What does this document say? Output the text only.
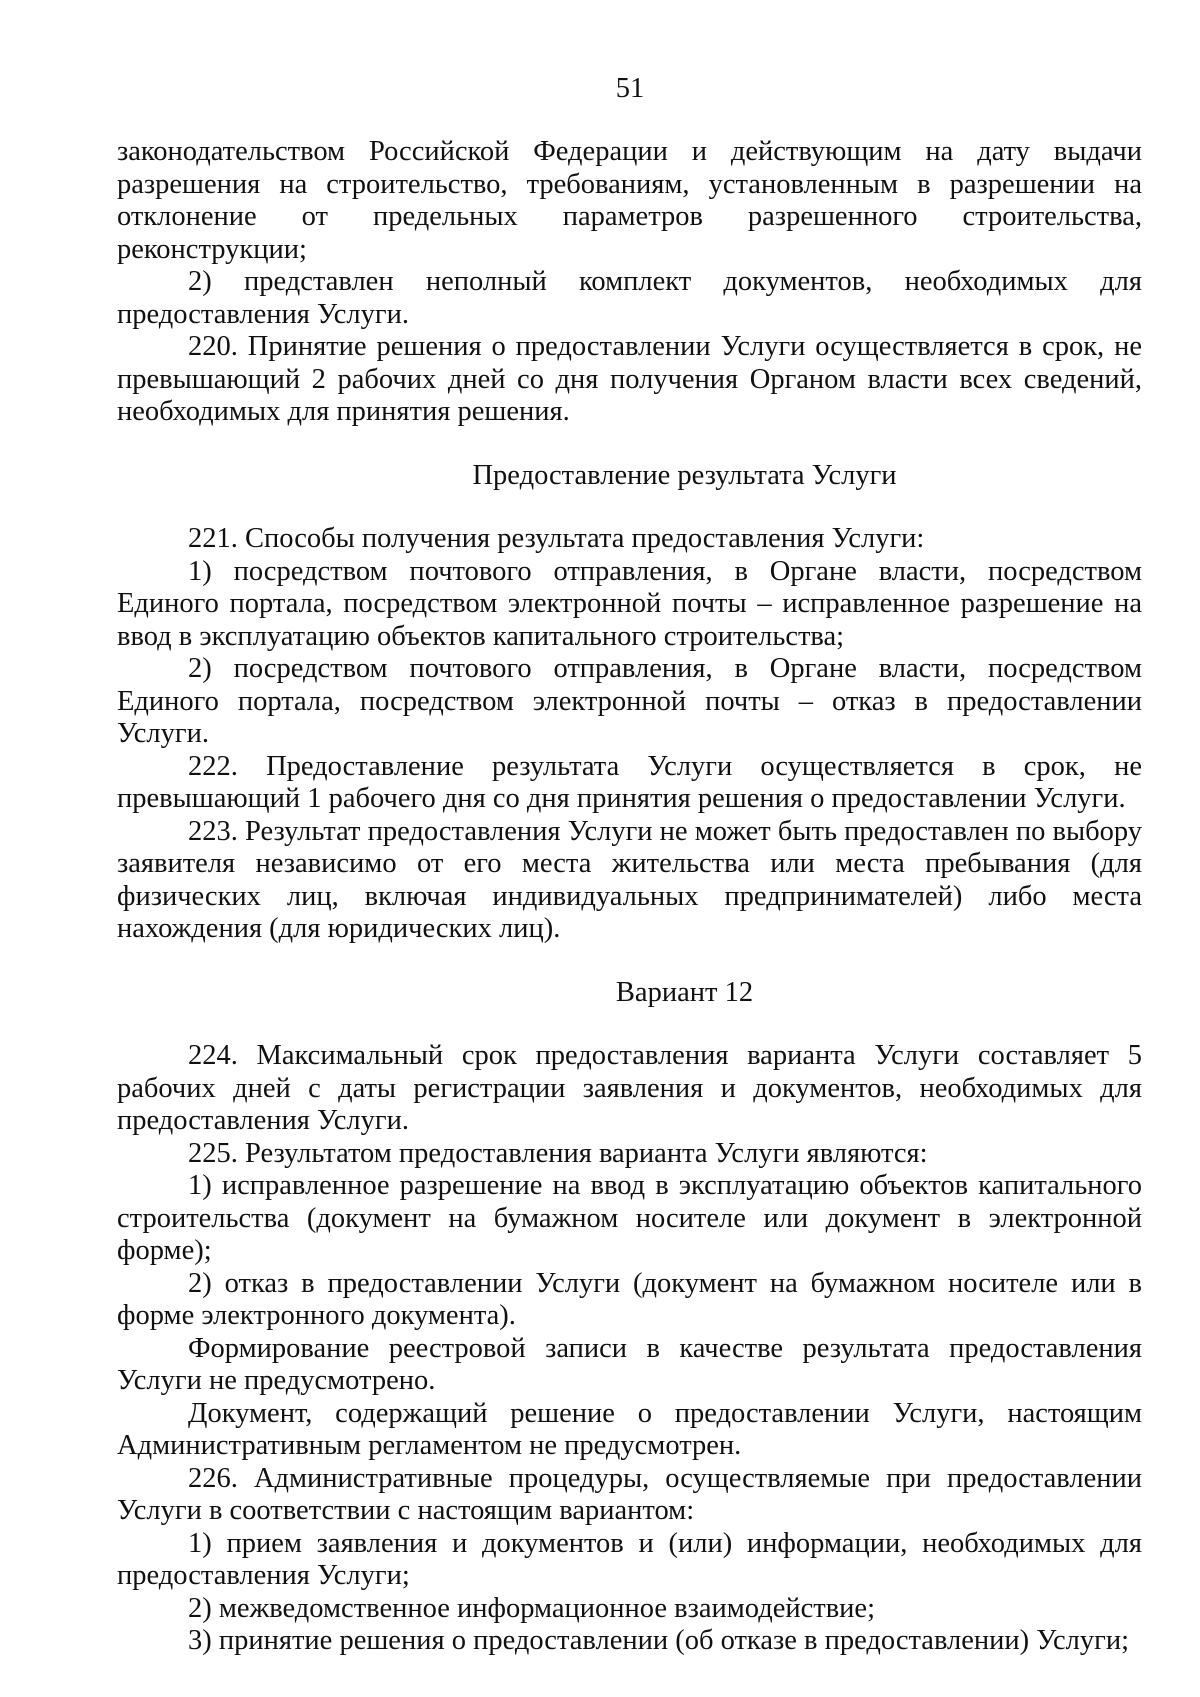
51

законодательством Российской Федерации и действующим на дату выдачи разрешения на строительство, требованиям, установленным в разрешении на отклонение от предельных параметров разрешенного строительства, реконструкции;

2) представлен неполный комплект документов, необходимых для предоставления Услуги.

220. Принятие решения о предоставлении Услуги осуществляется в срок, не превышающий 2 рабочих дней со дня получения Органом власти всех сведений, необходимых для принятия решения.

Предоставление результата Услуги

221. Способы получения результата предоставления Услуги:

1) посредством почтового отправления, в Органе власти, посредством Единого портала, посредством электронной почты – исправленное разрешение на ввод в эксплуатацию объектов капитального строительства;

2) посредством почтового отправления, в Органе власти, посредством Единого портала, посредством электронной почты – отказ в предоставлении Услуги.

222. Предоставление результата Услуги осуществляется в срок, не превышающий 1 рабочего дня со дня принятия решения о предоставлении Услуги.

223. Результат предоставления Услуги не может быть предоставлен по выбору заявителя независимо от его места жительства или места пребывания (для физических лиц, включая индивидуальных предпринимателей) либо места нахождения (для юридических лиц).

Вариант 12

224. Максимальный срок предоставления варианта Услуги составляет 5 рабочих дней с даты регистрации заявления и документов, необходимых для предоставления Услуги.

225. Результатом предоставления варианта Услуги являются:

1) исправленное разрешение на ввод в эксплуатацию объектов капитального строительства (документ на бумажном носителе или документ в электронной форме);

2) отказ в предоставлении Услуги (документ на бумажном носителе или в форме электронного документа).

Формирование реестровой записи в качестве результата предоставления Услуги не предусмотрено.

Документ, содержащий решение о предоставлении Услуги, настоящим Административным регламентом не предусмотрен.

226. Административные процедуры, осуществляемые при предоставлении Услуги в соответствии с настоящим вариантом:

1) прием заявления и документов и (или) информации, необходимых для предоставления Услуги;

2) межведомственное информационное взаимодействие;

3) принятие решения о предоставлении (об отказе в предоставлении) Услуги;
